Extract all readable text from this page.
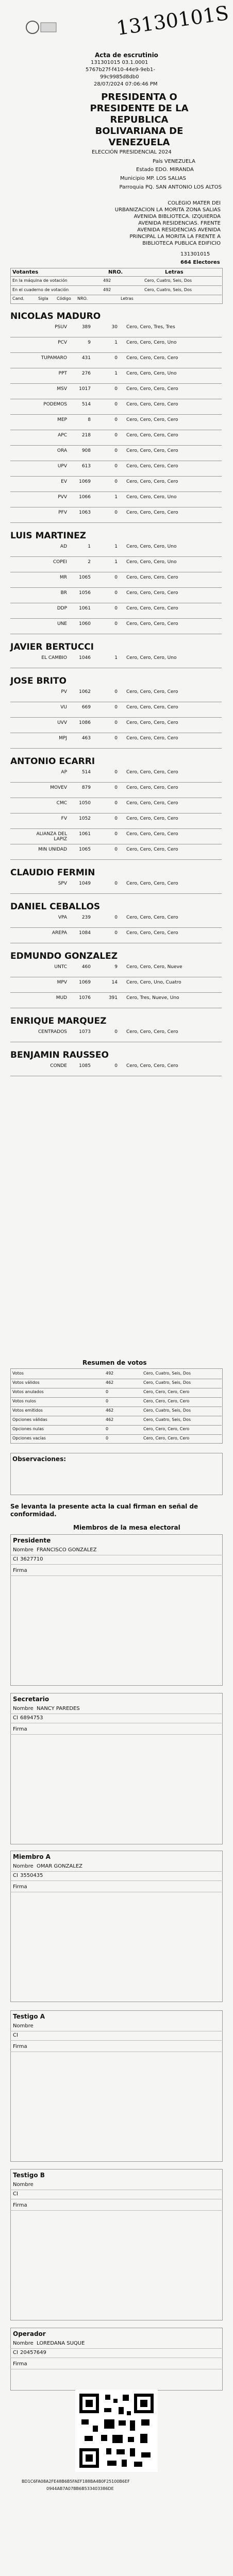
13130101S
Acta de escrutinio
131301015 03.1.0001
5767b27f-f410-44e9-9eb1-
99c9985d8db0
28/07/2024 07:06:46 PM
PRESIDENTA O
PRESIDENTE DE LA
REPUBLICA
BOLIVARIANA DE
VENEZUELA
ELECCIÓN PRESIDENCIAL 2024
País VENEZUELA
Estado EDO. MIRANDA
Municipio MP. LOS SALIAS
Parroquia PQ. SAN ANTONIO LOS ALTOS
COLEGIO MATER DEI
URBANIZACION LA MORITA ZONA SALIAS
AVENIDA BIBLIOTECA. IZQUIERDA
AVENIDA RESIDENCIAS. FRENTE
AVENIDA RESIDENCIAS AVENIDA
PRINCIPAL LA MORITA LA FRENTE A
BIBLIOTECA PUBLICA EDIFICIO
131301015
664 Electores
Votantes	NRO.	Letras
En la máquina de votación	492	Cero, Cuatro, Seis, Dos
En el cuaderno de votación	492	Cero, Cuatro, Seis, Dos
Cand.	Sigla Código NRO.	Letras
NICOLAS MADURO
PSUV	389	30 Cero, Cero, Tres, Tres
PCV	9	1 Cero, Cero, Cero, Uno
TUPAMARO	431	0 Cero, Cero, Cero, Cero
PPT	276	1 Cero, Cero, Cero, Uno
MSV	1017	0 Cero, Cero, Cero, Cero
PODEMOS	514	0 Cero, Cero, Cero, Cero
MEP	8	0 Cero, Cero, Cero, Cero
APC	218	0 Cero, Cero, Cero, Cero
ORA	908	0 Cero, Cero, Cero, Cero
UPV	613	0 Cero, Cero, Cero, Cero
EV	1069	0 Cero, Cero, Cero, Cero
PVV	1066	1 Cero, Cero, Cero, Uno
PFV	1063	0 Cero, Cero, Cero, Cero
LUIS MARTINEZ
AD	1	1 Cero, Cero, Cero, Uno
COPEI	2	1 Cero, Cero, Cero, Uno
MR	1065	0 Cero, Cero, Cero, Cero
BR	1056	0 Cero, Cero, Cero, Cero
DDP	1061	0 Cero, Cero, Cero, Cero
UNE	1060	0 Cero, Cero, Cero, Cero
JAVIER BERTUCCI
EL CAMBIO	1046	1 Cero, Cero, Cero, Uno
JOSE BRITO
PV	1062	0 Cero, Cero, Cero, Cero
VU	669	0 Cero, Cero, Cero, Cero
UVV	1086	0 Cero, Cero, Cero, Cero
MPJ	463	0 Cero, Cero, Cero, Cero
ANTONIO ECARRI
AP	514	0 Cero, Cero, Cero, Cero
MOVEV	879	0 Cero, Cero, Cero, Cero
CMC	1050	0 Cero, Cero, Cero, Cero
FV	1052	0 Cero, Cero, Cero, Cero
ALIANZA DEL LAPIZ
1061	0 Cero, Cero, Cero, Cero
MIN UNIDAD	1065	0 Cero, Cero, Cero, Cero
CLAUDIO FERMIN
SPV	1049	0 Cero, Cero, Cero, Cero
DANIEL CEBALLOS
VPA	239	0 Cero, Cero, Cero, Cero
AREPA	1084	0 Cero, Cero, Cero, Cero
EDMUNDO GONZALEZ
UNTC	460	9 Cero, Cero, Cero, Nueve
MPV	1069	14 Cero, Cero, Uno, Cuatro
MUD	1076	391 Cero, Tres, Nueve, Uno
ENRIQUE MARQUEZ
CENTRADOS	1073	0 Cero, Cero, Cero, Cero
BENJAMIN RAUSSEO
CONDE	1085	0 Cero, Cero, Cero, Cero
Resumen de votos
Votos	492	Cero, Cuatro, Seis, Dos
Votos válidos	462	Cero, Cuatro, Seis, Dos
Votos anulados	0	Cero, Cero, Cero, Cero
Votos nulos	0	Cero, Cero, Cero, Cero
Votos emitidos	462	Cero, Cuatro, Seis, Dos
Opciones válidas	462	Cero, Cuatro, Seis, Dos
Opciones nulas	0	Cero, Cero, Cero, Cero
Opciones vacías	0	Cero, Cero, Cero, Cero
Observaciones:
Se levanta la presente acta la cual firman en señal de conformidad.
Miembros de la mesa electoral
Presidente
Nombre FRANCISCO GONZALEZ
CI 3627710
Firma
Secretario
Nombre NANCY PAREDES
CI 6894753
Firma
Miembro A
Nombre OMAR GONZALEZ
CI 3550435
Firma
Testigo A
Nombre
CI
Firma
Testigo B
Nombre
CI
Firma
Operador
Nombre LOREDANA SUQUE
CI 20457649
Firma
BD1C6FA08A2FE48B6B5FAEF188BA4B0F25100B6EF
0944AB7A07BB6B533403386DE
